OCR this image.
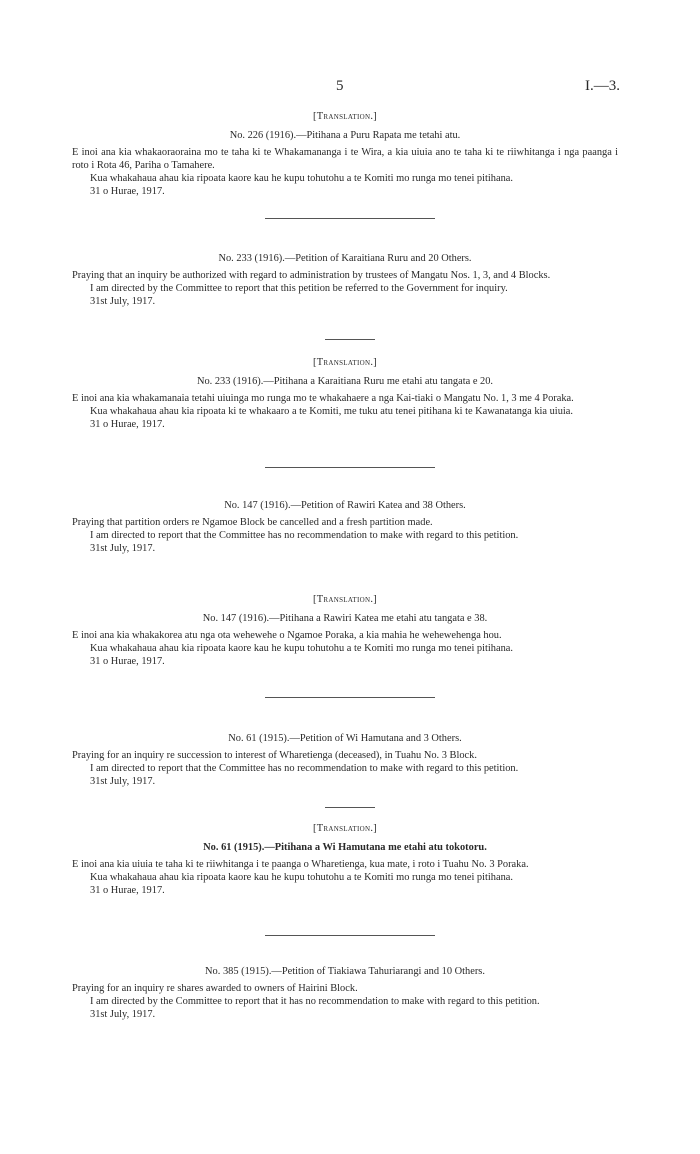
5	I.—3.

[Translation.]

No. 226 (1916).—Pitihana a Puru Rapata me tetahi atu.

E inoi ana kia whakaoraoraina mo te taha ki te Whakamananga i te Wira, a kia uiuia ano te taha ki te riiwhitanga i nga paanga i roto i Rota 46, Pariha o Tamahere.

Kua whakahaua ahau kia ripoata kaore kau he kupu tohutohu a te Komiti mo runga mo tenei pitihana.

31 o Hurae, 1917.

No. 233 (1916).—Petition of Karaitiana Ruru and 20 Others.

Praying that an inquiry be authorized with regard to administration by trustees of Mangatu Nos. 1, 3, and 4 Blocks.

I am directed by the Committee to report that this petition be referred to the Government for inquiry.

31st July, 1917.

[Translation.]

No. 233 (1916).—Pitihana a Karaitiana Ruru me etahi atu tangata e 20.

E inoi ana kia whakamanaia tetahi uiuinga mo runga mo te whakahaere a nga Kai-tiaki o Mangatu No. 1, 3 me 4 Poraka.

Kua whakahaua ahau kia ripoata ki te whakaaro a te Komiti, me tuku atu tenei pitihana ki te Kawanatanga kia uiuia.

31 o Hurae, 1917.

No. 147 (1916).—Petition of Rawiri Katea and 38 Others.

Praying that partition orders re Ngamoe Block be cancelled and a fresh partition made.

I am directed to report that the Committee has no recommendation to make with regard to this petition.

31st July, 1917.

[Translation.]

No. 147 (1916).—Pitihana a Rawiri Katea me etahi atu tangata e 38.

E inoi ana kia whakakorea atu nga ota wehewehe o Ngamoe Poraka, a kia mahia he wehewehenga hou.

Kua whakahaua ahau kia ripoata kaore kau he kupu tohutohu a te Komiti mo runga mo tenei pitihana.

31 o Hurae, 1917.

No. 61 (1915).—Petition of Wi Hamutana and 3 Others.

Praying for an inquiry re succession to interest of Wharetienga (deceased), in Tuahu No. 3 Block.

I am directed to report that the Committee has no recommendation to make with regard to this petition.

31st July, 1917.

[Translation.]

No. 61 (1915).—Pitihana a Wi Hamutana me etahi atu tokotoru.

E inoi ana kia uiuia te taha ki te riiwhitanga i te paanga o Wharetienga, kua mate, i roto i Tuahu No. 3 Poraka.

Kua whakahaua ahau kia ripoata kaore kau he kupu tohutohu a te Komiti mo runga mo tenei pitihana.

31 o Hurae, 1917.

No. 385 (1915).—Petition of Tiakiawa Tahuriarangi and 10 Others.

Praying for an inquiry re shares awarded to owners of Hairini Block.

I am directed by the Committee to report that it has no recommendation to make with regard to this petition.

31st July, 1917.
